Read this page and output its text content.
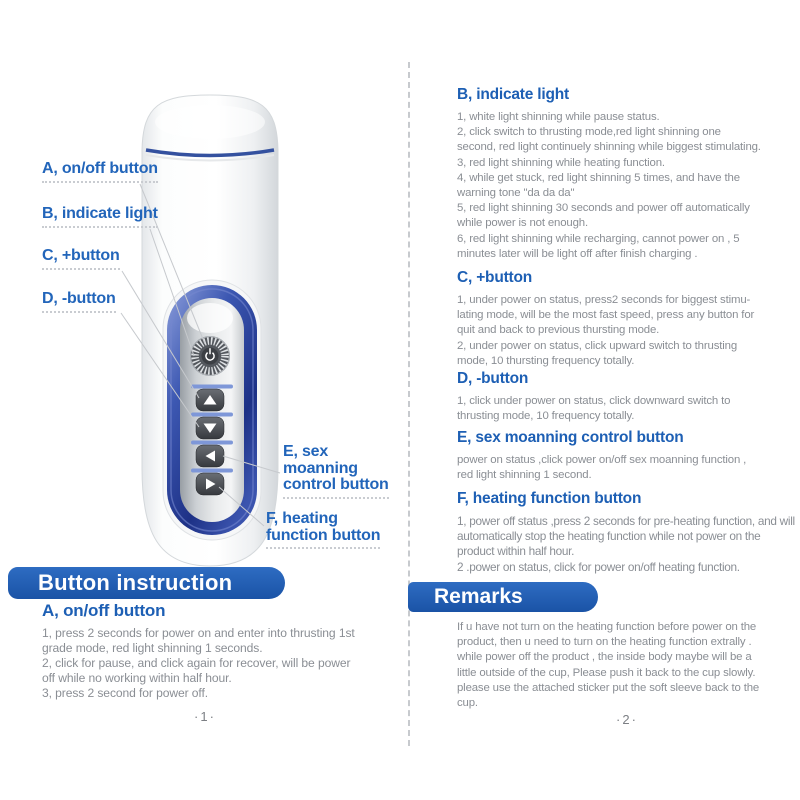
A, on/off button
B, indicate light
C, +button
D, -button
E, sex
moanning
control button
F, heating
function button
Button instruction
A, on/off button
1, press 2 seconds for power on and enter into thrusting 1st
grade mode, red light shinning 1 seconds.
2, click for pause, and click again for recover, will be power
off while no working within half hour.
3, press 2 second for power off.
·1·
B, indicate light
1, white light shinning while pause status.
2, click switch to thrusting mode,red light shinning one
second, red light continuely shinning while biggest stimulating.
3, red light shinning while heating function.
4, while get stuck, red light shinning 5 times, and have the
warning tone "da da da"
5, red light shinning 30 seconds and power off automatically
while power is not enough.
6, red light shinning while recharging, cannot power on , 5
minutes later will be light off after finish charging .
C, +button
1, under power on status, press2 seconds for biggest stimu-
lating mode, will be the most fast speed, press any button for
quit and back to previous thursting mode.
2, under power on status, click upward switch to thrusting
mode, 10 thursting frequency totally.
D, -button
1, click under power on status, click downward switch to
thrusting mode, 10 frequency totally.
E, sex moanning control button
power on status ,click power on/off sex moanning function ,
red light shinning 1 second.
F, heating function button
1, power off status ,press 2 seconds for pre-heating function, and will automatically stop the heating function while not power on the product within half hour.
2 .power on status, click for power on/off heating function.
Remarks
If u have not turn on the heating function before power on the
product, then u need to turn on the heating function extrally .
while power off the product , the inside body maybe will be a
little outside of the cup, Please push it back to the cup slowly.
please use the attached sticker put the soft sleeve back to the
cup.
·2·
